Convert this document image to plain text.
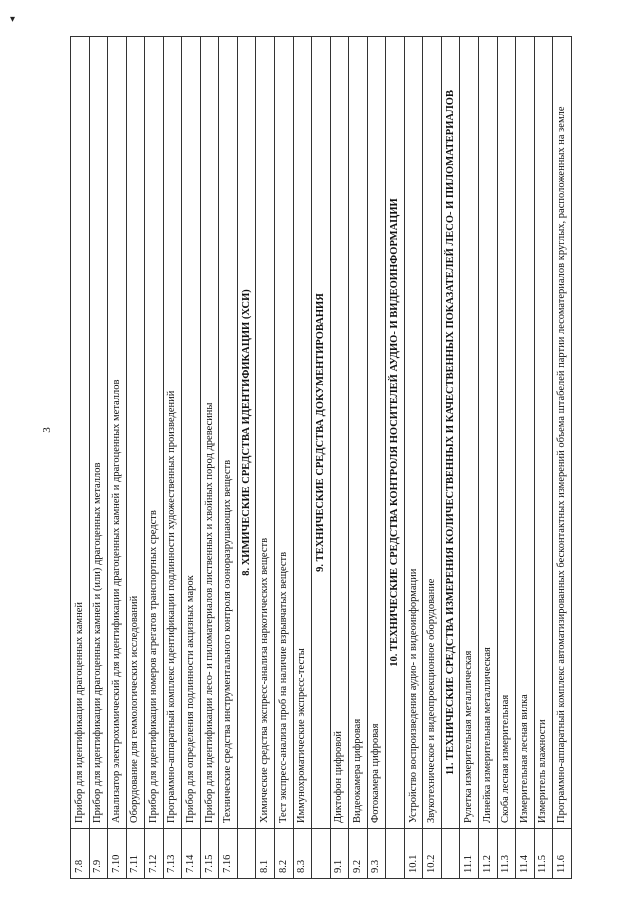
▾
3
7.8	Прибор для идентификации драгоценных камней
7.9	Прибор для идентификации драгоценных камней и (или) драгоценных металлов
7.10	Анализатор электрохимический для идентификации драгоценных камней и драгоценных металлов
7.11	Оборудование для геммологических исследований
7.12	Прибор для идентификации номеров агрегатов транспортных средств
7.13	Программно-аппаратный комплекс идентификации подлинности художественных произведений
7.14	Прибор для определения подлинности акцизных марок
7.15	Прибор для идентификации лесо- и пиломатериалов лиственных и хвойных пород древесины
7.16	Технические средства инструментального контроля озоноразрушающих веществ
	8. ХИМИЧЕСКИЕ СРЕДСТВА ИДЕНТИФИКАЦИИ (ХСИ)
8.1	Химические средства экспресс-анализа наркотических веществ
8.2	Тест экспресс-анализа проб на наличие взрывчатых веществ
8.3	Иммунохроматические экспресс-тесты
	9. ТЕХНИЧЕСКИЕ СРЕДСТВА ДОКУМЕНТИРОВАНИЯ
9.1	Диктофон цифровой
9.2	Видеокамера цифровая
9.3	Фотокамера цифровая
	10. ТЕХНИЧЕСКИЕ СРЕДСТВА КОНТРОЛЯ НОСИТЕЛЕЙ АУДИО- И ВИДЕОИНФОРМАЦИИ
10.1	Устройство воспроизведения аудио- и видеоинформации
10.2	Звукотехническое и видеопроекционное оборудование
	11. ТЕХНИЧЕСКИЕ СРЕДСТВА ИЗМЕРЕНИЯ КОЛИЧЕСТВЕННЫХ И КАЧЕСТВЕННЫХ ПОКАЗАТЕЛЕЙ ЛЕСО- И ПИЛОМАТЕРИАЛОВ
11.1	Рулетка измерительная металлическая
11.2	Линейка измерительная металлическая
11.3	Скоба лесная измерительная
11.4	Измерительная лесная вилка
11.5	Измеритель влажности
11.6	Программно-аппаратный комплекс автоматизированных бесконтактных измерений объема штабелей партии лесоматериалов круглых, расположенных на земле
